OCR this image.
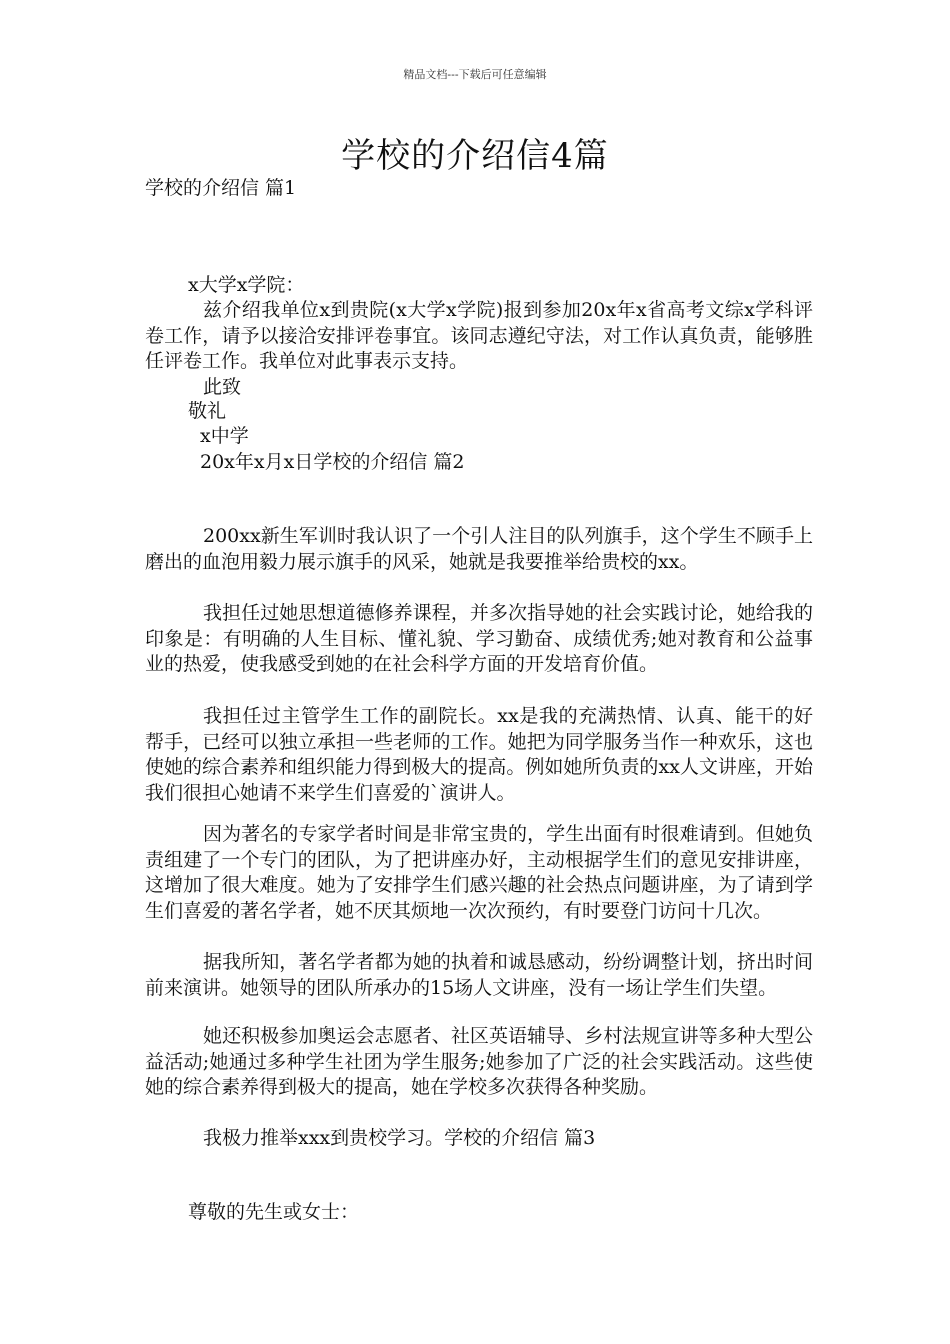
精品文档---下载后可任意编辑
学校的介绍信4篇
学校的介绍信 篇1
x大学x学院：

兹介绍我单位x到贵院(x大学x学院)报到参加20x年x省高考文综x学科评卷工作，请予以接洽安排评卷事宜。该同志遵纪守法，对工作认真负责，能够胜任评卷工作。我单位对此事表示支持。

此致
敬礼
x中学
20x年x月x日学校的介绍信 篇2

200xx新生军训时我认识了一个引人注目的队列旗手，这个学生不顾手上磨出的血泡用毅力展示旗手的风采，她就是我要推举给贵校的xx。

我担任过她思想道德修养课程，并多次指导她的社会实践讨论，她给我的印象是：有明确的人生目标、懂礼貌、学习勤奋、成绩优秀;她对教育和公益事业的热爱，使我感受到她的在社会科学方面的开发培育价值。

我担任过主管学生工作的副院长。xx是我的充满热情、认真、能干的好帮手，已经可以独立承担一些老师的工作。她把为同学服务当作一种欢乐，这也使她的综合素养和组织能力得到极大的提高。例如她所负责的xx人文讲座，开始我们很担心她请不来学生们喜爱的`演讲人。

因为著名的专家学者时间是非常宝贵的，学生出面有时很难请到。但她负责组建了一个专门的团队，为了把讲座办好，主动根据学生们的意见安排讲座，这增加了很大难度。她为了安排学生们感兴趣的社会热点问题讲座，为了请到学生们喜爱的著名学者，她不厌其烦地一次次预约，有时要登门访问十几次。

据我所知，著名学者都为她的执着和诚恳感动，纷纷调整计划，挤出时间前来演讲。她领导的团队所承办的15场人文讲座，没有一场让学生们失望。

她还积极参加奥运会志愿者、社区英语辅导、乡村法规宣讲等多种大型公益活动;她通过多种学生社团为学生服务;她参加了广泛的社会实践活动。这些使她的综合素养得到极大的提高，她在学校多次获得各种奖励。

我极力推举xxx到贵校学习。学校的介绍信 篇3

尊敬的先生或女士：
